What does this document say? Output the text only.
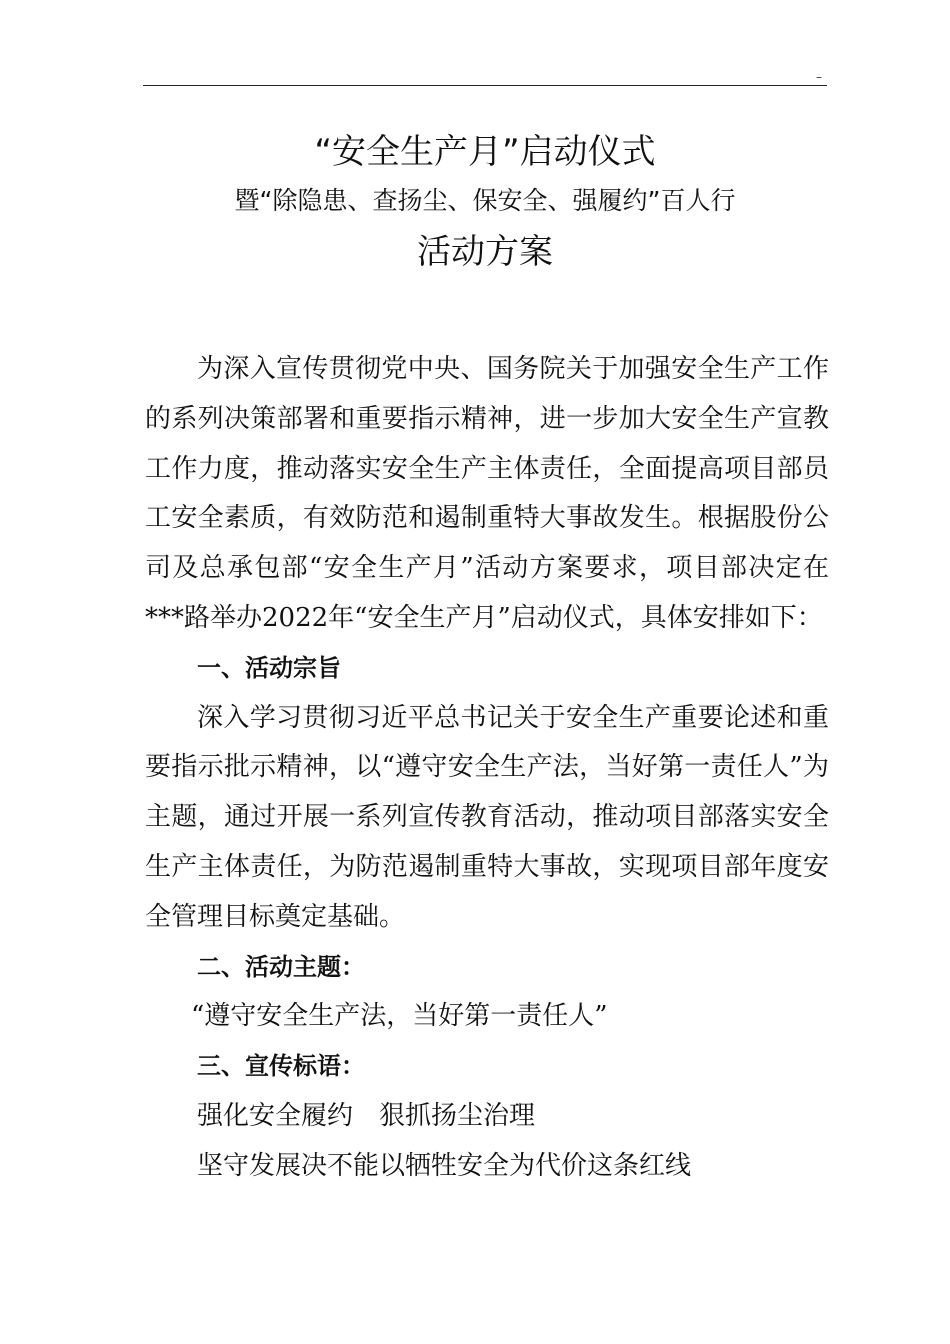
–
“安全生产月”启动仪式
暨“除隐患、查扬尘、保安全、强履约”百人行
活动方案

为深入宣传贯彻党中央、国务院关于加强安全生产工作的系列决策部署和重要指示精神，进一步加大安全生产宣教工作力度，推动落实安全生产主体责任，全面提高项目部员工安全素质，有效防范和遏制重特大事故发生。根据股份公司及总承包部“安全生产月”活动方案要求，项目部决定在***路举办2022年“安全生产月”启动仪式，具体安排如下：

一、活动宗旨

深入学习贯彻习近平总书记关于安全生产重要论述和重要指示批示精神，以“遵守安全生产法，当好第一责任人”为主题，通过开展一系列宣传教育活动，推动项目部落实安全生产主体责任，为防范遏制重特大事故，实现项目部年度安全管理目标奠定基础。

二、活动主题：

“遵守安全生产法，当好第一责任人”

三、宣传标语：

强化安全履约　狠抓扬尘治理

坚守发展决不能以牺牲安全为代价这条红线
